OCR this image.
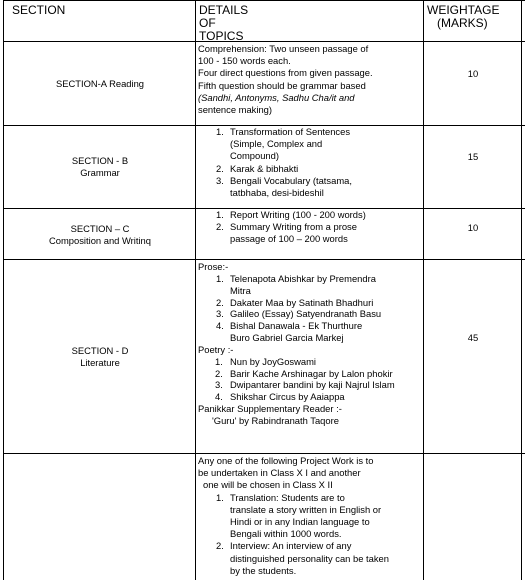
SECTION	DETAILS OF TOPICS
WEIGHTAGE
(MARKS)
SECTION-A Reading
10
Comprehension: Two unseen passage of
100 - 150 words each.
Four direct questions from given passage.
Fifth question should be grammar based
(Sandhi, Antonyms, Sadhu Cha/it and
sentence making)
SECTION - B
Grammar
15
1. Transformation of Sentences
(Simple, Complex and
Compound)
2. Karak & bibhakti
3. Bengali Vocabulary (tatsama,
tatbhaba, desi-bideshil
SECTION – C
Composition and Writinq
10
1. Report Writing (100 - 200 words)
2. Summary Writing from a prose
passage of 100 – 200 words
SECTION - D
Literature
45
Prose:-
1. Telenapota Abishkar by Premendra
Mitra
2. Dakater Maa by Satinath Bhadhuri
3. Galileo (Essay) Satyendranath Basu
4. Bishal Danawala - Ek Thurthure
Buro Gabriel Garcia Markej
Poetry :-
1. Nun by JoyGoswami
2. Barir Kache Arshinagar by Lalon phokir
3. Dwipantarer bandini by kaji Najrul Islam
4. Shikshar Circus by Aaiappa
Panikkar Supplementary Reader :-
'Guru' by Rabindranath Taqore
Any one of the following Project Work is to
be undertaken in Class X I and another
one will be chosen in Class X II
1. Translation: Students are to
translate a story written in English or
Hindi or in any Indian language to
Bengali within 1000 words.
2. Interview: An interview of any
distinguished personality can be taken
by the students.
